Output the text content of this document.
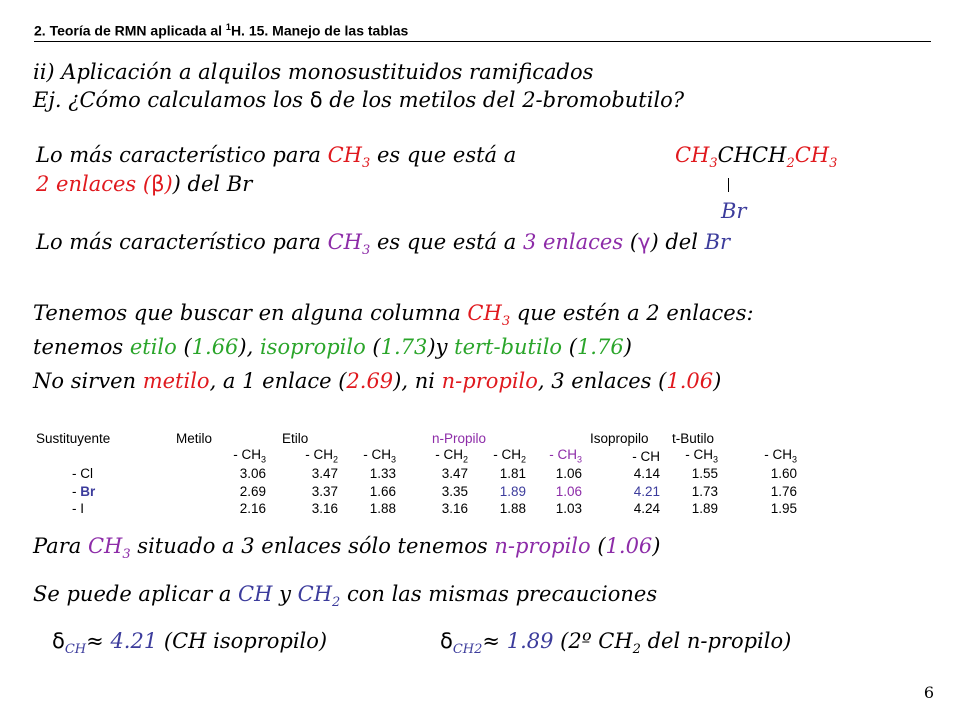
2. Teoría de RMN aplicada al $^1$H. 15. Manejo de las tablas
ii) Aplicación a alquilos monosustituidos ramificados
Ej. ¿Cómo calculamos los δ de los metilos del 2-bromobutilo?
Lo más característico para $CH_3$ es que está a
2 enlaces (β)) del Br
$CH_3CHCH_2CH_3$
Br
Lo más característico para $CH_3$ es que está a 3 enlaces (γ) del Br
Tenemos que buscar en alguna columna $CH_3$ que estén a 2 enlaces:
tenemos etilo (1.66), isopropilo (1.73)y tert-butilo (1.76)
No sirven metilo, a 1 enlace (2.69), ni n-propilo, 3 enlaces (1.06)
Sustituyente	Metilo	Etilo		n-Propilo	Isopropilo	t-Butilo
	- $CH_3$	- $CH_2$	- $CH_3$	- $CH_2$	- $CH_2$	- $CH_3$	- CH	- $CH_3$	- $CH_3$
- Cl	3.06	3.47	1.33	3.47	1.81	1.06	4.14	1.55	1.60
- Br	2.69	3.37	1.66	3.35	1.89	1.06	4.21	1.73	1.76
- I	2.16	3.16	1.88	3.16	1.88	1.03	4.24	1.89	1.95
Para $CH_3$ situado a 3 enlaces sólo tenemos n-propilo (1.06)
Se puede aplicar a CH y $CH_2$ con las mismas precauciones
$\delta_{CH}\approx 4.21$ (CH isopropilo)	$\delta_{CH2}\approx 1.89$ (2º $CH_2$ del n-propilo)
6
